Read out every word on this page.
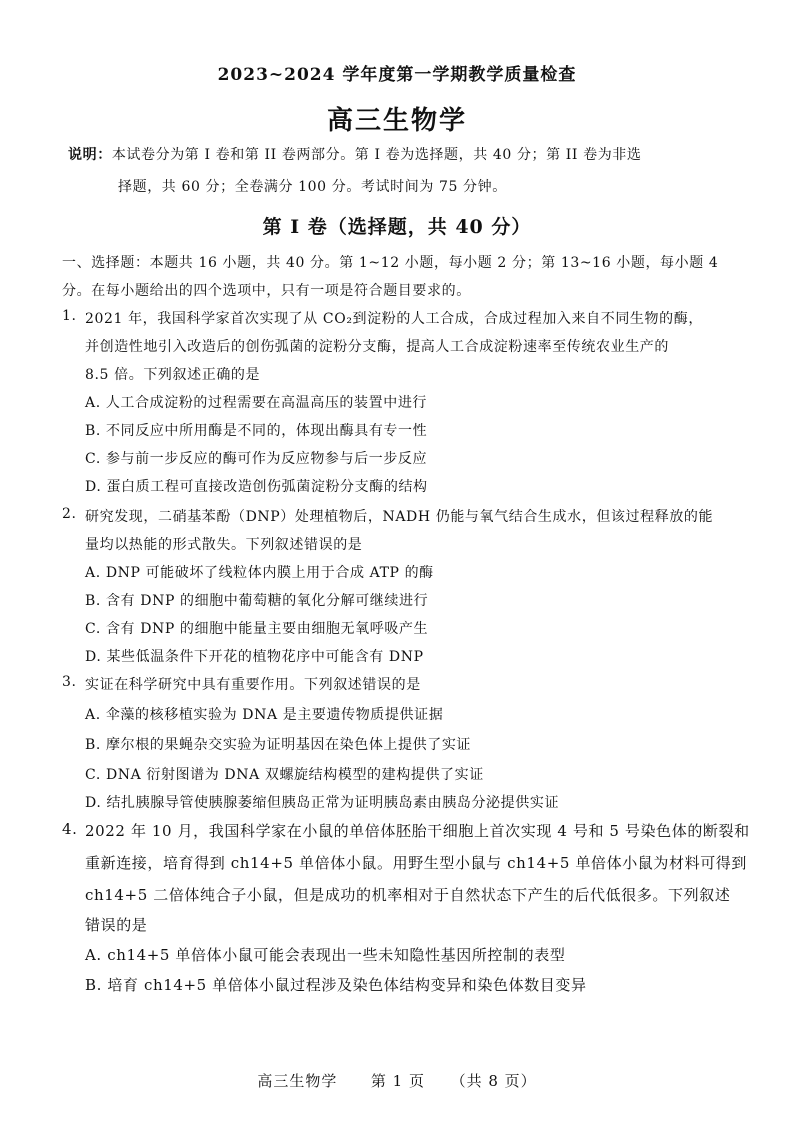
2023~2024 学年度第一学期教学质量检查
高三生物学
说明：本试卷分为第 I 卷和第 II 卷两部分。第 I 卷为选择题，共 40 分；第 II 卷为非选
择题，共 60 分；全卷满分 100 分。考试时间为 75 分钟。
第 I 卷（选择题，共 40 分）
一、选择题：本题共 16 小题，共 40 分。第 1~12 小题，每小题 2 分；第 13~16 小题，每小题 4
分。在每小题给出的四个选项中，只有一项是符合题目要求的。
1. 2021 年，我国科学家首次实现了从 CO₂到淀粉的人工合成，合成过程加入来自不同生物的酶，
并创造性地引入改造后的创伤弧菌的淀粉分支酶，提高人工合成淀粉速率至传统农业生产的
8.5 倍。下列叙述正确的是
A. 人工合成淀粉的过程需要在高温高压的装置中进行
B. 不同反应中所用酶是不同的，体现出酶具有专一性
C. 参与前一步反应的酶可作为反应物参与后一步反应
D. 蛋白质工程可直接改造创伤弧菌淀粉分支酶的结构
2. 研究发现，二硝基苯酚（DNP）处理植物后，NADH 仍能与氧气结合生成水，但该过程释放的能
量均以热能的形式散失。下列叙述错误的是
A. DNP 可能破坏了线粒体内膜上用于合成 ATP 的酶
B. 含有 DNP 的细胞中葡萄糖的氧化分解可继续进行
C. 含有 DNP 的细胞中能量主要由细胞无氧呼吸产生
D. 某些低温条件下开花的植物花序中可能含有 DNP
3. 实证在科学研究中具有重要作用。下列叙述错误的是
A. 伞藻的核移植实验为 DNA 是主要遗传物质提供证据
B. 摩尔根的果蝇杂交实验为证明基因在染色体上提供了实证
C. DNA 衍射图谱为 DNA 双螺旋结构模型的建构提供了实证
D. 结扎胰腺导管使胰腺萎缩但胰岛正常为证明胰岛素由胰岛分泌提供实证
4. 2022 年 10 月，我国科学家在小鼠的单倍体胚胎干细胞上首次实现 4 号和 5 号染色体的断裂和
重新连接，培育得到 ch14+5 单倍体小鼠。用野生型小鼠与 ch14+5 单倍体小鼠为材料可得到
ch14+5 二倍体纯合子小鼠，但是成功的机率相对于自然状态下产生的后代低很多。下列叙述
错误的是
A. ch14+5 单倍体小鼠可能会表现出一些未知隐性基因所控制的表型
B. 培育 ch14+5 单倍体小鼠过程涉及染色体结构变异和染色体数目变异
高三生物学 第 1 页 （共 8 页）
